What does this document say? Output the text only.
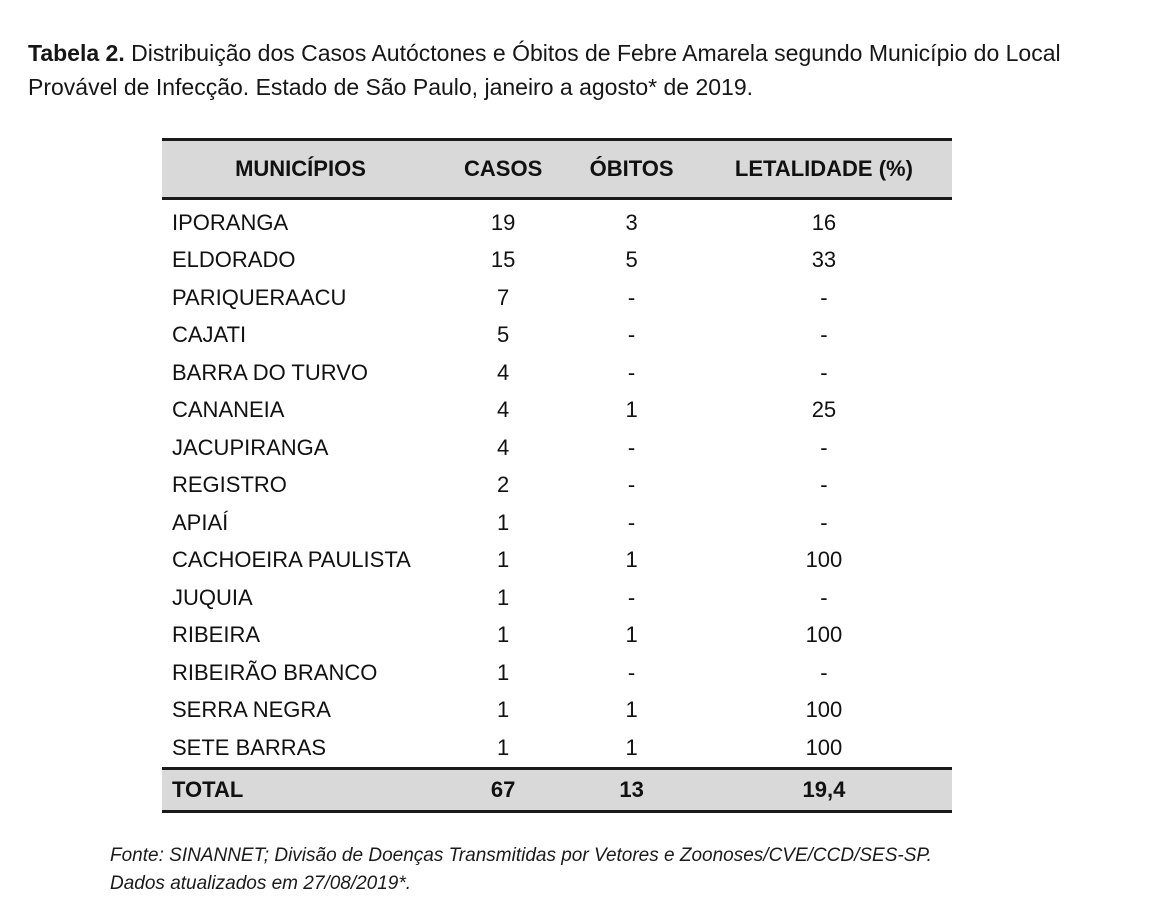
Tabela 2. Distribuição dos Casos Autóctones e Óbitos de Febre Amarela segundo Município do Local Provável de Infecção. Estado de São Paulo, janeiro a agosto* de 2019.
MUNICÍPIOS	CASOS	ÓBITOS	LETALIDADE (%)
IPORANGA	19	3	16
ELDORADO	15	5	33
PARIQUERAACU	7	-	-
CAJATI	5	-	-
BARRA DO TURVO	4	-	-
CANANEIA	4	1	25
JACUPIRANGA	4	-	-
REGISTRO	2	-	-
APIAÍ	1	-	-
CACHOEIRA PAULISTA	1	1	100
JUQUIA	1	-	-
RIBEIRA	1	1	100
RIBEIRÃO BRANCO	1	-	-
SERRA NEGRA	1	1	100
SETE BARRAS	1	1	100
TOTAL	67	13	19,4
Fonte: SINANNET; Divisão de Doenças Transmitidas por Vetores e Zoonoses/CVE/CCD/SES-SP.
Dados atualizados em 27/08/2019*.
